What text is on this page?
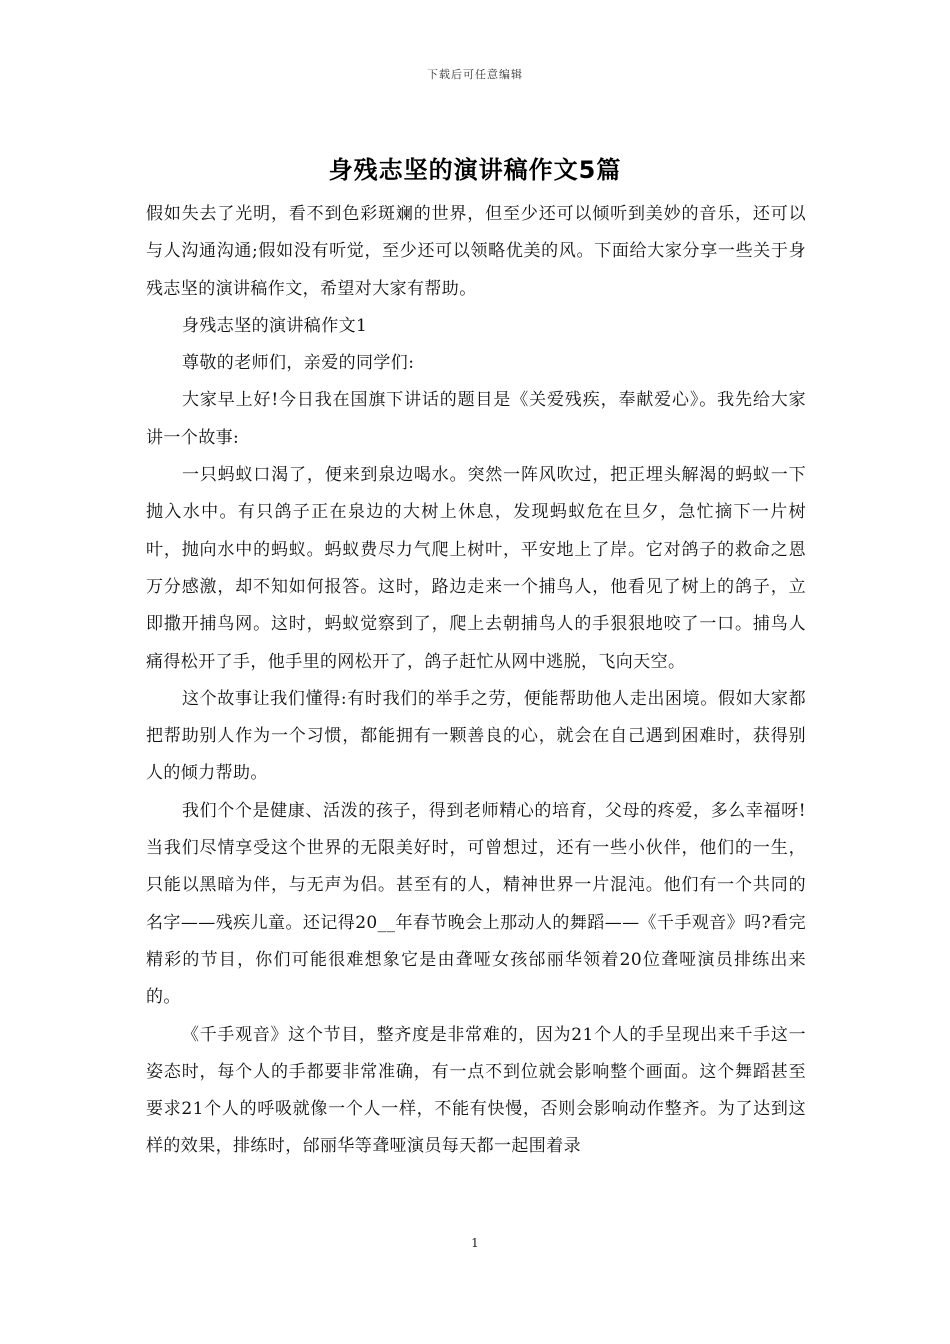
下载后可任意编辑
身残志坚的演讲稿作文5篇

假如失去了光明，看不到色彩斑斓的世界，但至少还可以倾听到美妙的音乐，还可以与人沟通沟通;假如没有听觉，至少还可以领略优美的风。下面给大家分享一些关于身残志坚的演讲稿作文，希望对大家有帮助。

身残志坚的演讲稿作文1

尊敬的老师们，亲爱的同学们:

大家早上好!今日我在国旗下讲话的题目是《关爱残疾，奉献爱心》。我先给大家讲一个故事:

一只蚂蚁口渴了，便来到泉边喝水。突然一阵风吹过，把正埋头解渴的蚂蚁一下抛入水中。有只鸽子正在泉边的大树上休息，发现蚂蚁危在旦夕，急忙摘下一片树叶，抛向水中的蚂蚁。蚂蚁费尽力气爬上树叶，平安地上了岸。它对鸽子的救命之恩万分感激，却不知如何报答。这时，路边走来一个捕鸟人，他看见了树上的鸽子，立即撒开捕鸟网。这时，蚂蚁觉察到了，爬上去朝捕鸟人的手狠狠地咬了一口。捕鸟人痛得松开了手，他手里的网松开了，鸽子赶忙从网中逃脱，飞向天空。

这个故事让我们懂得:有时我们的举手之劳，便能帮助他人走出困境。假如大家都把帮助别人作为一个习惯，都能拥有一颗善良的心，就会在自己遇到困难时，获得别人的倾力帮助。

我们个个是健康、活泼的孩子，得到老师精心的培育，父母的疼爱，多么幸福呀!当我们尽情享受这个世界的无限美好时，可曾想过，还有一些小伙伴，他们的一生，只能以黑暗为伴，与无声为侣。甚至有的人，精神世界一片混沌。他们有一个共同的名字——残疾儿童。还记得20__年春节晚会上那动人的舞蹈——《千手观音》吗?看完精彩的节目，你们可能很难想象它是由聋哑女孩邰丽华领着20位聋哑演员排练出来的。

《千手观音》这个节目，整齐度是非常难的，因为21个人的手呈现出来千手这一姿态时，每个人的手都要非常准确，有一点不到位就会影响整个画面。这个舞蹈甚至要求21个人的呼吸就像一个人一样，不能有快慢，否则会影响动作整齐。为了达到这样的效果，排练时，邰丽华等聋哑演员每天都一起围着录

1
